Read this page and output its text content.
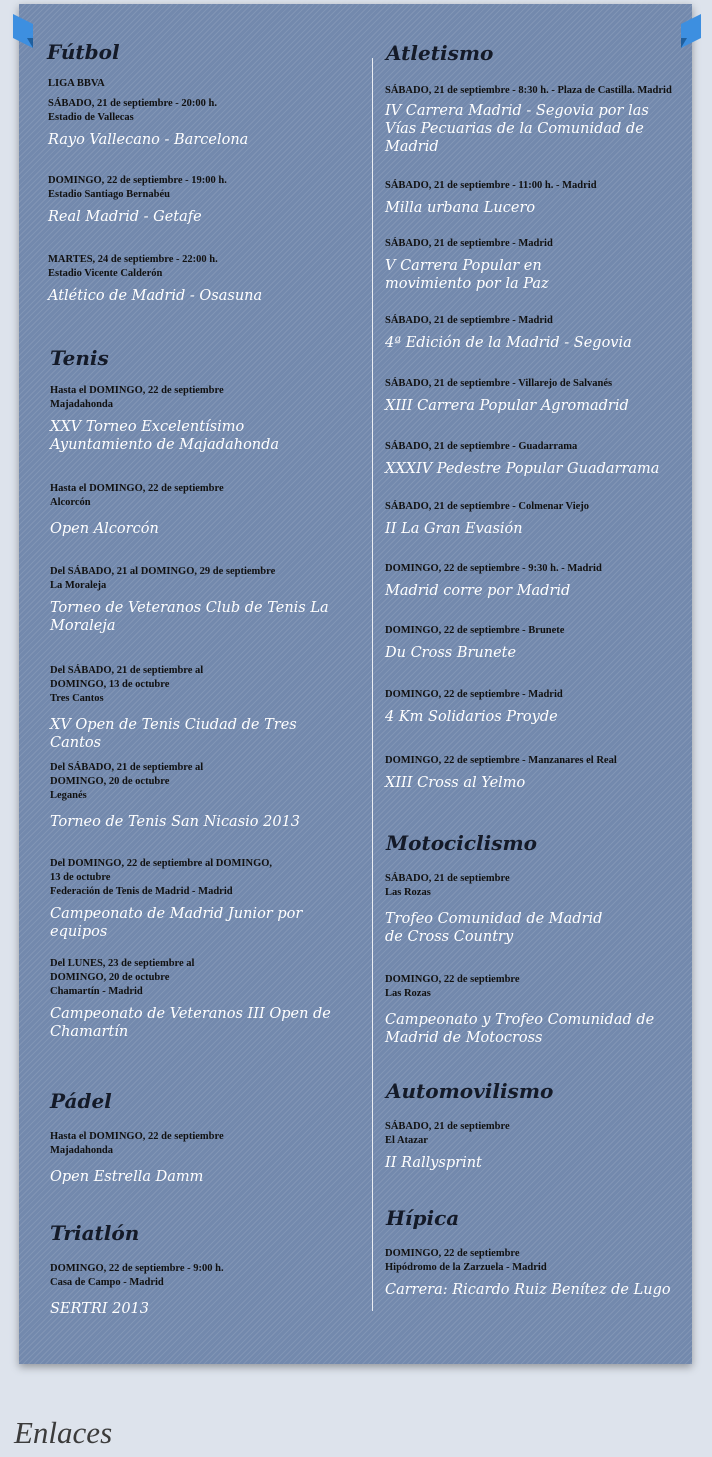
Fútbol
LIGA BBVA
SÁBADO, 21 de septiembre - 20:00 h.
Estadio de Vallecas
Rayo Vallecano - Barcelona
DOMINGO, 22 de septiembre - 19:00 h.
Estadio Santiago Bernabéu
Real Madrid - Getafe
MARTES, 24 de septiembre - 22:00 h.
Estadio Vicente Calderón
Atlético de Madrid - Osasuna
Tenis
Hasta el DOMINGO, 22 de septiembre
Majadahonda
XXV Torneo Excelentísimo Ayuntamiento de Majadahonda
Hasta el DOMINGO, 22 de septiembre
Alcorcón
Open Alcorcón
Del SÁBADO, 21 al DOMINGO, 29 de septiembre
La Moraleja
Torneo de Veteranos Club de Tenis La Moraleja
Del SÁBADO, 21 de septiembre al DOMINGO, 13 de octubre
Tres Cantos
XV Open de Tenis Ciudad de Tres Cantos
Del SÁBADO, 21 de septiembre al DOMINGO, 20 de octubre
Leganés
Torneo de Tenis San Nicasio 2013
Del DOMINGO, 22 de septiembre al DOMINGO, 13 de octubre
Federación de Tenis de Madrid - Madrid
Campeonato de Madrid Junior por equipos
Del LUNES, 23 de septiembre al DOMINGO, 20 de octubre
Chamartín - Madrid
Campeonato de Veteranos III Open de Chamartín
Pádel
Hasta el DOMINGO, 22 de septiembre
Majadahonda
Open Estrella Damm
Triatlón
DOMINGO, 22 de septiembre - 9:00 h.
Casa de Campo - Madrid
SERTRI 2013
Atletismo
SÁBADO, 21 de septiembre - 8:30 h. - Plaza de Castilla. Madrid
IV Carrera Madrid - Segovia por las Vías Pecuarias de la Comunidad de Madrid
SÁBADO, 21 de septiembre - 11:00 h. - Madrid
Milla urbana Lucero
SÁBADO, 21 de septiembre - Madrid
V Carrera Popular en movimiento por la Paz
SÁBADO, 21 de septiembre - Madrid
4ª Edición de la Madrid - Segovia
SÁBADO, 21 de septiembre - Villarejo de Salvanés
XIII Carrera Popular Agromadrid
SÁBADO, 21 de septiembre - Guadarrama
XXXIV Pedestre Popular Guadarrama
SÁBADO, 21 de septiembre - Colmenar Viejo
II La Gran Evasión
DOMINGO, 22 de septiembre - 9:30 h. - Madrid
Madrid corre por Madrid
DOMINGO, 22 de septiembre - Brunete
Du Cross Brunete
DOMINGO, 22 de septiembre - Madrid
4 Km Solidarios Proyde
DOMINGO, 22 de septiembre - Manzanares el Real
XIII Cross al Yelmo
Motociclismo
SÁBADO, 21 de septiembre
Las Rozas
Trofeo Comunidad de Madrid de Cross Country
DOMINGO, 22 de septiembre
Las Rozas
Campeonato y Trofeo Comunidad de Madrid de Motocross
Automovilismo
SÁBADO, 21 de septiembre
El Atazar
II Rallysprint
Hípica
DOMINGO, 22 de septiembre
Hipódromo de la Zarzuela - Madrid
Carrera: Ricardo Ruiz Benítez de Lugo
Enlaces
